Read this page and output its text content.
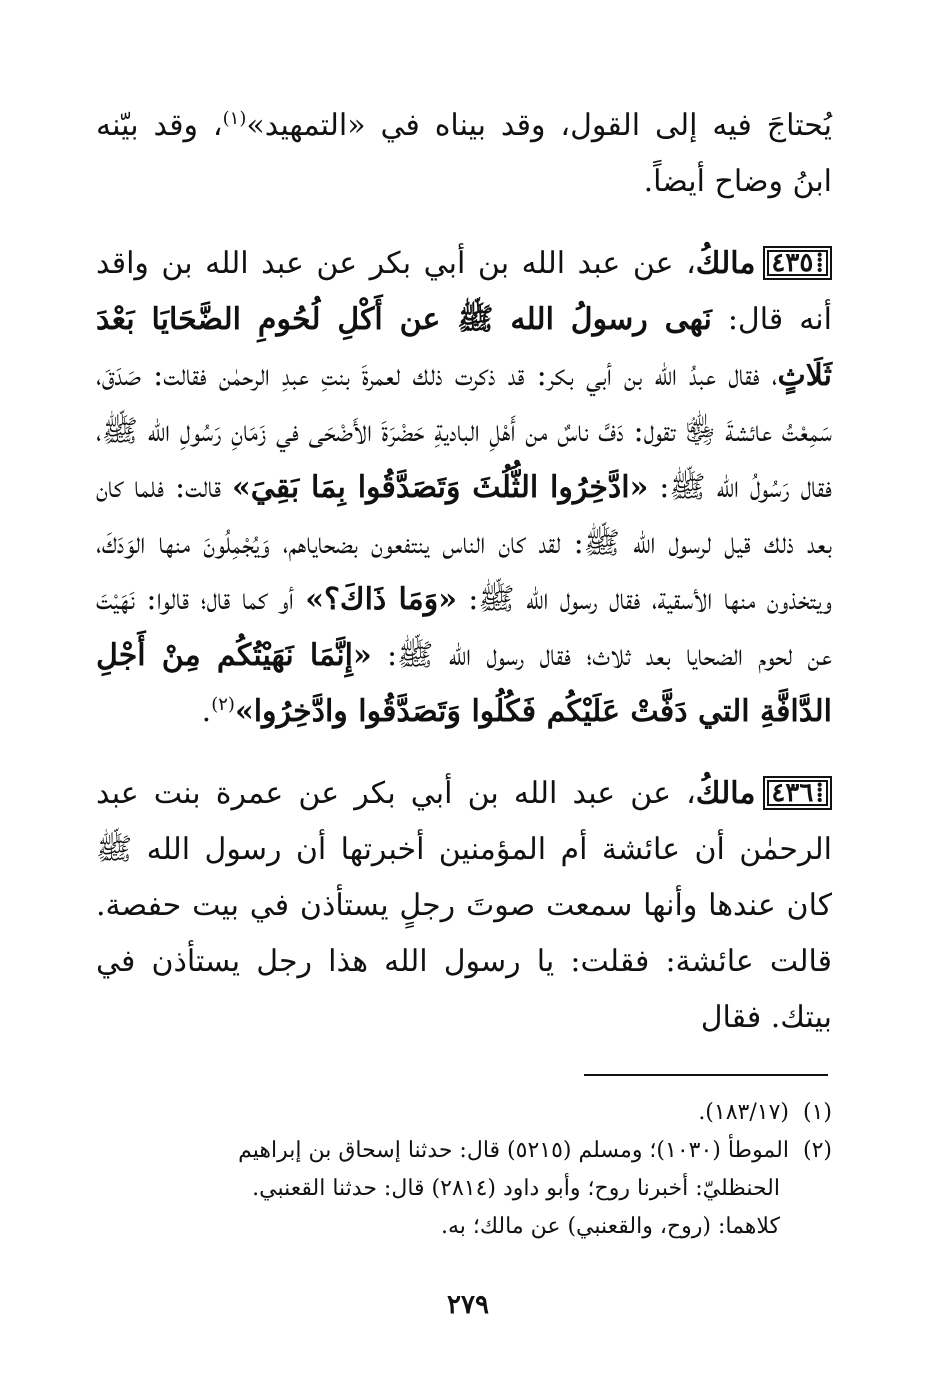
يُحتاجَ فيه إلى القول، وقد بيناه في «التمهيد»$^{(١)}$، وقد بيّنه ابنُ وضاح أيضاً.

⁞ ٤٣٥مالكُ، عن عبد الله بن أبي بكر عن عبد الله بن واقد أنه قال: نَهى رسولُ الله ﷺ عن أَكْلِ لُحُومِ الضَّحَايَا بَعْدَ ثَلَاثٍ، فقال عبدُ الله بن أبي بكر: قد ذكرت ذلك لعمرةَ بنتِ عبدِ الرحمٰن فقالت: صَدَقَ، سَمِعْتُ عائشةَ ﵂ تقول: دَفَّ ناسٌ من أَهْلِ الباديةِ حَضْرَةَ الأَضْحَى في زَمَانِ رَسُولِ الله ﷺ، فقال رَسُولُ الله ﷺ: «ادَّخِرُوا الثُّلُثَ وَتَصَدَّقُوا بِمَا بَقِيَ» قالت: فلما كان بعد ذلك قيل لرسول الله ﷺ: لقد كان الناس ينتفعون بضحاياهم، وَيُجْمِلُونَ منها الوَدَكَ، ويتخذون منها الأسقية، فقال رسول الله ﷺ: «وَمَا ذَاكَ؟» أو كما قال؛ قالوا: نَهَيْتَ عن لحوم الضحايا بعد ثلاث؛ فقال رسول الله ﷺ: «إِنَّمَا نَهَيْتُكُم مِنْ أَجْلِ الدَّافَّةِ التي دَفَّتْ عَلَيْكُم فَكُلُوا وَتَصَدَّقُوا وادَّخِرُوا»$^{(٢)}$.

⁞ ٤٣٦مالكُ، عن عبد الله بن أبي بكر عن عمرة بنت عبد الرحمٰن أن عائشة أم المؤمنين أخبرتها أن رسول الله ﷺ كان عندها وأنها سمعت صوتَ رجلٍ يستأذن في بيت حفصة. قالت عائشة: فقلت: يا رسول الله هذا رجل يستأذن في بيتك. فقال

(١)
(١٨٣/١٧).
(٢)
الموطأ (١٠٣٠)؛ ومسلم (٥٢١٥) قال: حدثنا إسحاق بن إبراهيم
الحنظليّ: أخبرنا روح؛ وأبو داود (٢٨١٤) قال: حدثنا القعنبي.
كلاهما: (روح، والقعنبي) عن مالك؛ به.
٢٧٩
